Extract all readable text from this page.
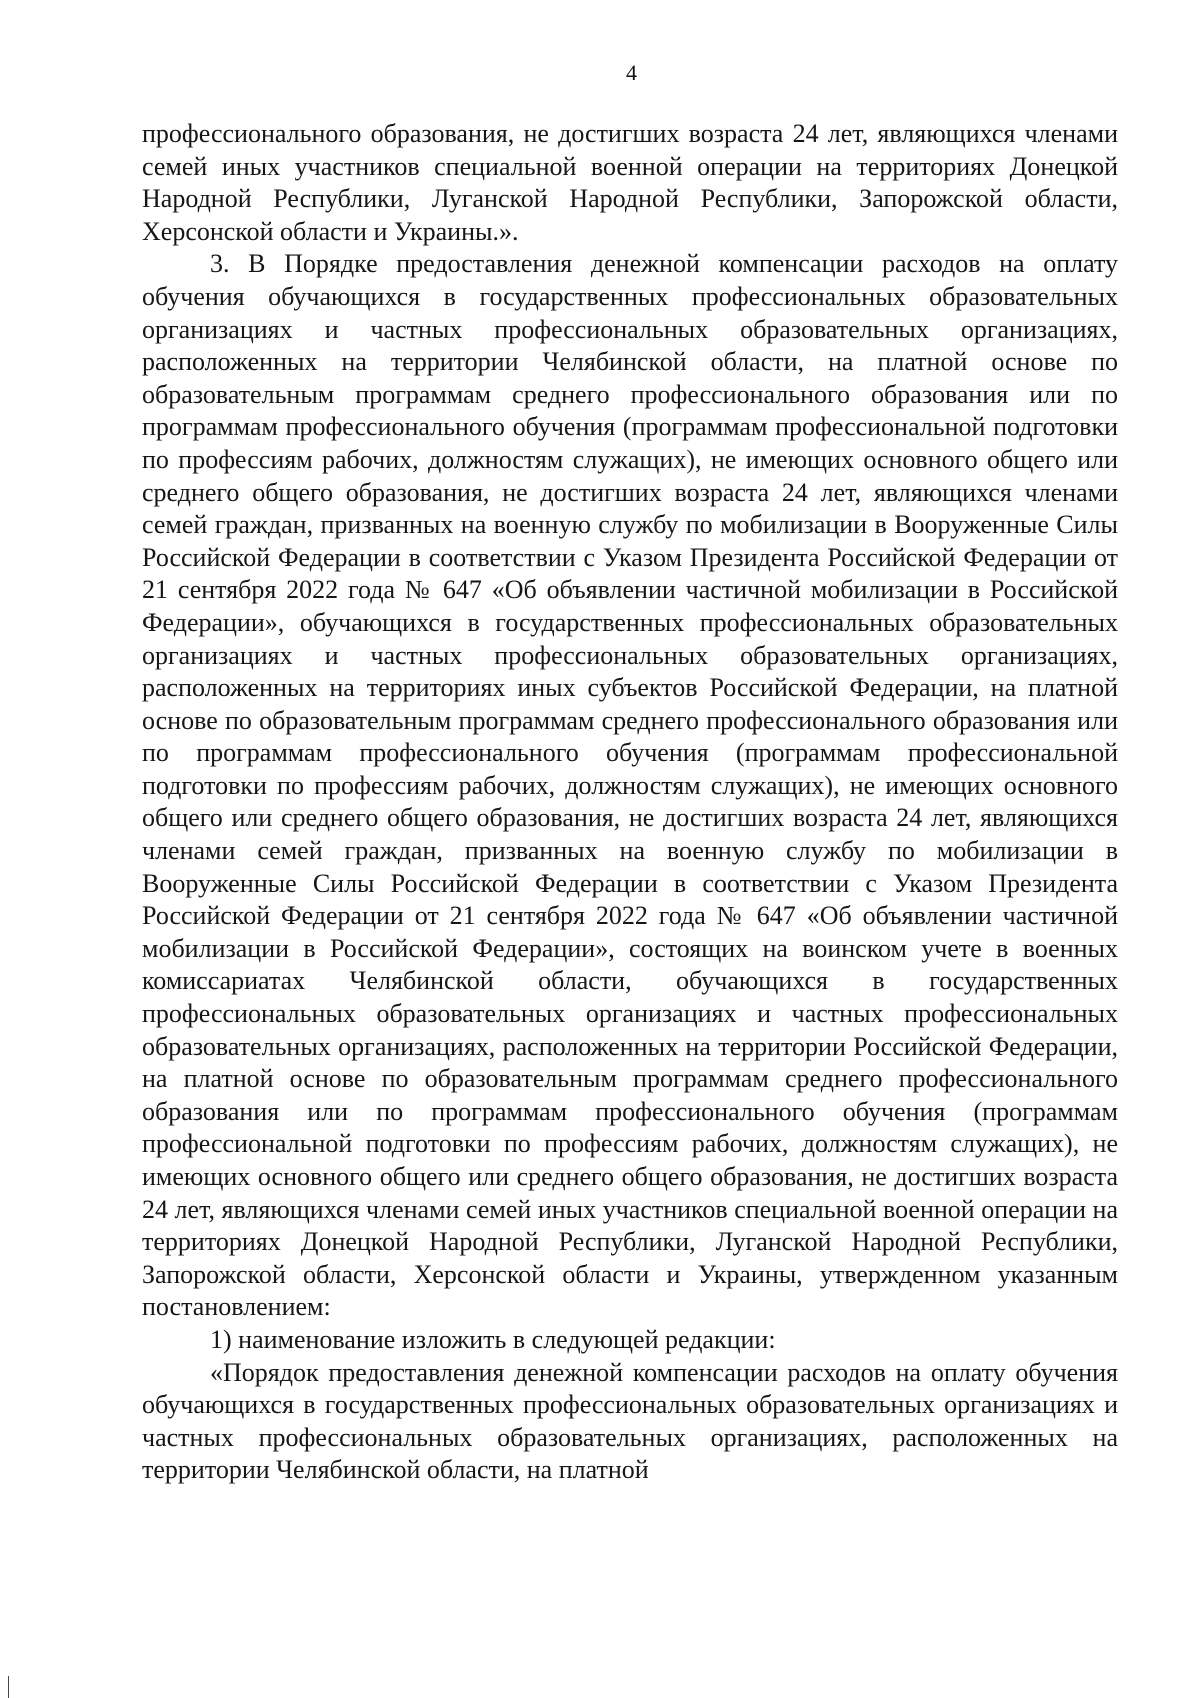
4

профессионального образования, не достигших возраста 24 лет, являющихся членами семей иных участников специальной военной операции на территориях Донецкой Народной Республики, Луганской Народной Республики, Запорожской области, Херсонской области и Украины.».

3. В Порядке предоставления денежной компенсации расходов на оплату обучения обучающихся в государственных профессиональных образовательных организациях и частных профессиональных образовательных организациях, расположенных на территории Челябинской области, на платной основе по образовательным программам среднего профессионального образования или по программам профессионального обучения (программам профессиональной подготовки по профессиям рабочих, должностям служащих), не имеющих основного общего или среднего общего образования, не достигших возраста 24 лет, являющихся членами семей граждан, призванных на военную службу по мобилизации в Вооруженные Силы Российской Федерации в соответствии с Указом Президента Российской Федерации от 21 сентября 2022 года № 647 «Об объявлении частичной мобилизации в Российской Федерации», обучающихся в государственных профессиональных образовательных организациях и частных профессиональных образовательных организациях, расположенных на территориях иных субъектов Российской Федерации, на платной основе по образовательным программам среднего профессионального образования или по программам профессионального обучения (программам профессиональной подготовки по профессиям рабочих, должностям служащих), не имеющих основного общего или среднего общего образования, не достигших возраста 24 лет, являющихся членами семей граждан, призванных на военную службу по мобилизации в Вооруженные Силы Российской Федерации в соответствии с Указом Президента Российской Федерации от 21 сентября 2022 года № 647 «Об объявлении частичной мобилизации в Российской Федерации», состоящих на воинском учете в военных комиссариатах Челябинской области, обучающихся в государственных профессиональных образовательных организациях и частных профессиональных образовательных организациях, расположенных на территории Российской Федерации, на платной основе по образовательным программам среднего профессионального образования или по программам профессионального обучения (программам профессиональной подготовки по профессиям рабочих, должностям служащих), не имеющих основного общего или среднего общего образования, не достигших возраста 24 лет, являющихся членами семей иных участников специальной военной операции на территориях Донецкой Народной Республики, Луганской Народной Республики, Запорожской области, Херсонской области и Украины, утвержденном указанным постановлением:

1) наименование изложить в следующей редакции:

«Порядок предоставления денежной компенсации расходов на оплату обучения обучающихся в государственных профессиональных образовательных организациях и частных профессиональных образовательных организациях, расположенных на территории Челябинской области, на платной
